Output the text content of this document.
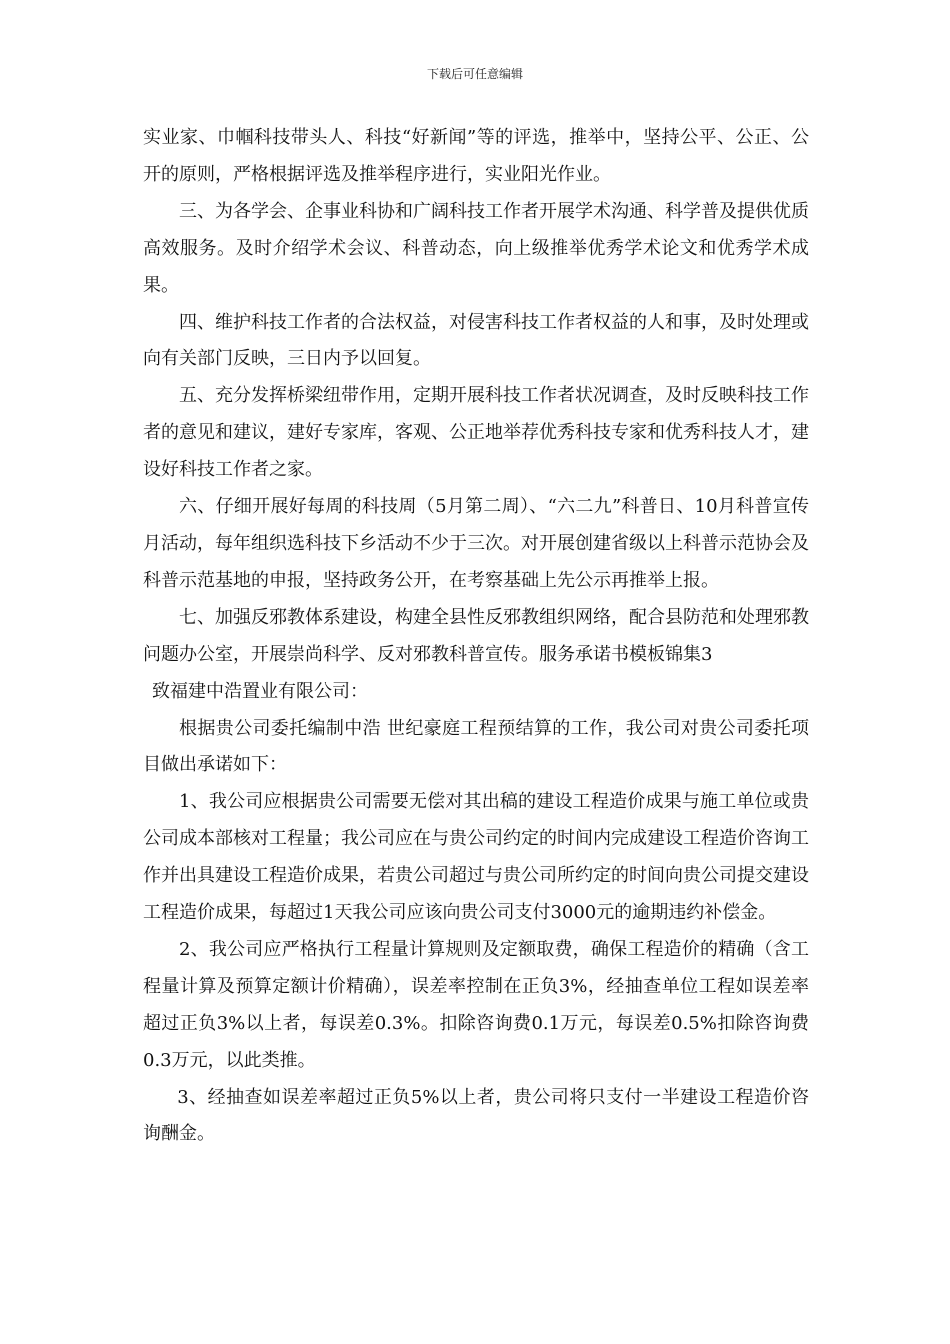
下载后可任意编辑

实业家、巾帼科技带头人、科技“好新闻”等的评选，推举中，坚持公平、公正、公开的原则，严格根据评选及推举程序进行，实业阳光作业。

三、为各学会、企事业科协和广阔科技工作者开展学术沟通、科学普及提供优质高效服务。及时介绍学术会议、科普动态，向上级推举优秀学术论文和优秀学术成果。

四、维护科技工作者的合法权益，对侵害科技工作者权益的人和事，及时处理或向有关部门反映，三日内予以回复。

五、充分发挥桥梁纽带作用，定期开展科技工作者状况调查，及时反映科技工作者的意见和建议，建好专家库，客观、公正地举荐优秀科技专家和优秀科技人才，建设好科技工作者之家。

六、仔细开展好每周的科技周（5月第二周）、“六二九”科普日、10月科普宣传月活动，每年组织选科技下乡活动不少于三次。对开展创建省级以上科普示范协会及科普示范基地的申报，坚持政务公开，在考察基础上先公示再推举上报。

七、加强反邪教体系建设，构建全县性反邪教组织网络，配合县防范和处理邪教问题办公室，开展崇尚科学、反对邪教科普宣传。服务承诺书模板锦集3

致福建中浩置业有限公司：

根据贵公司委托编制中浩 世纪豪庭工程预结算的工作，我公司对贵公司委托项目做出承诺如下：

1、我公司应根据贵公司需要无偿对其出稿的建设工程造价成果与施工单位或贵公司成本部核对工程量；我公司应在与贵公司约定的时间内完成建设工程造价咨询工作并出具建设工程造价成果，若贵公司超过与贵公司所约定的时间向贵公司提交建设工程造价成果，每超过1天我公司应该向贵公司支付3000元的逾期违约补偿金。

2、我公司应严格执行工程量计算规则及定额取费，确保工程造价的精确（含工程量计算及预算定额计价精确），误差率控制在正负3%，经抽查单位工程如误差率超过正负3%以上者，每误差0.3%。扣除咨询费0.1万元，每误差0.5%扣除咨询费0.3万元，以此类推。

3、经抽查如误差率超过正负5%以上者，贵公司将只支付一半建设工程造价咨询酬金。
